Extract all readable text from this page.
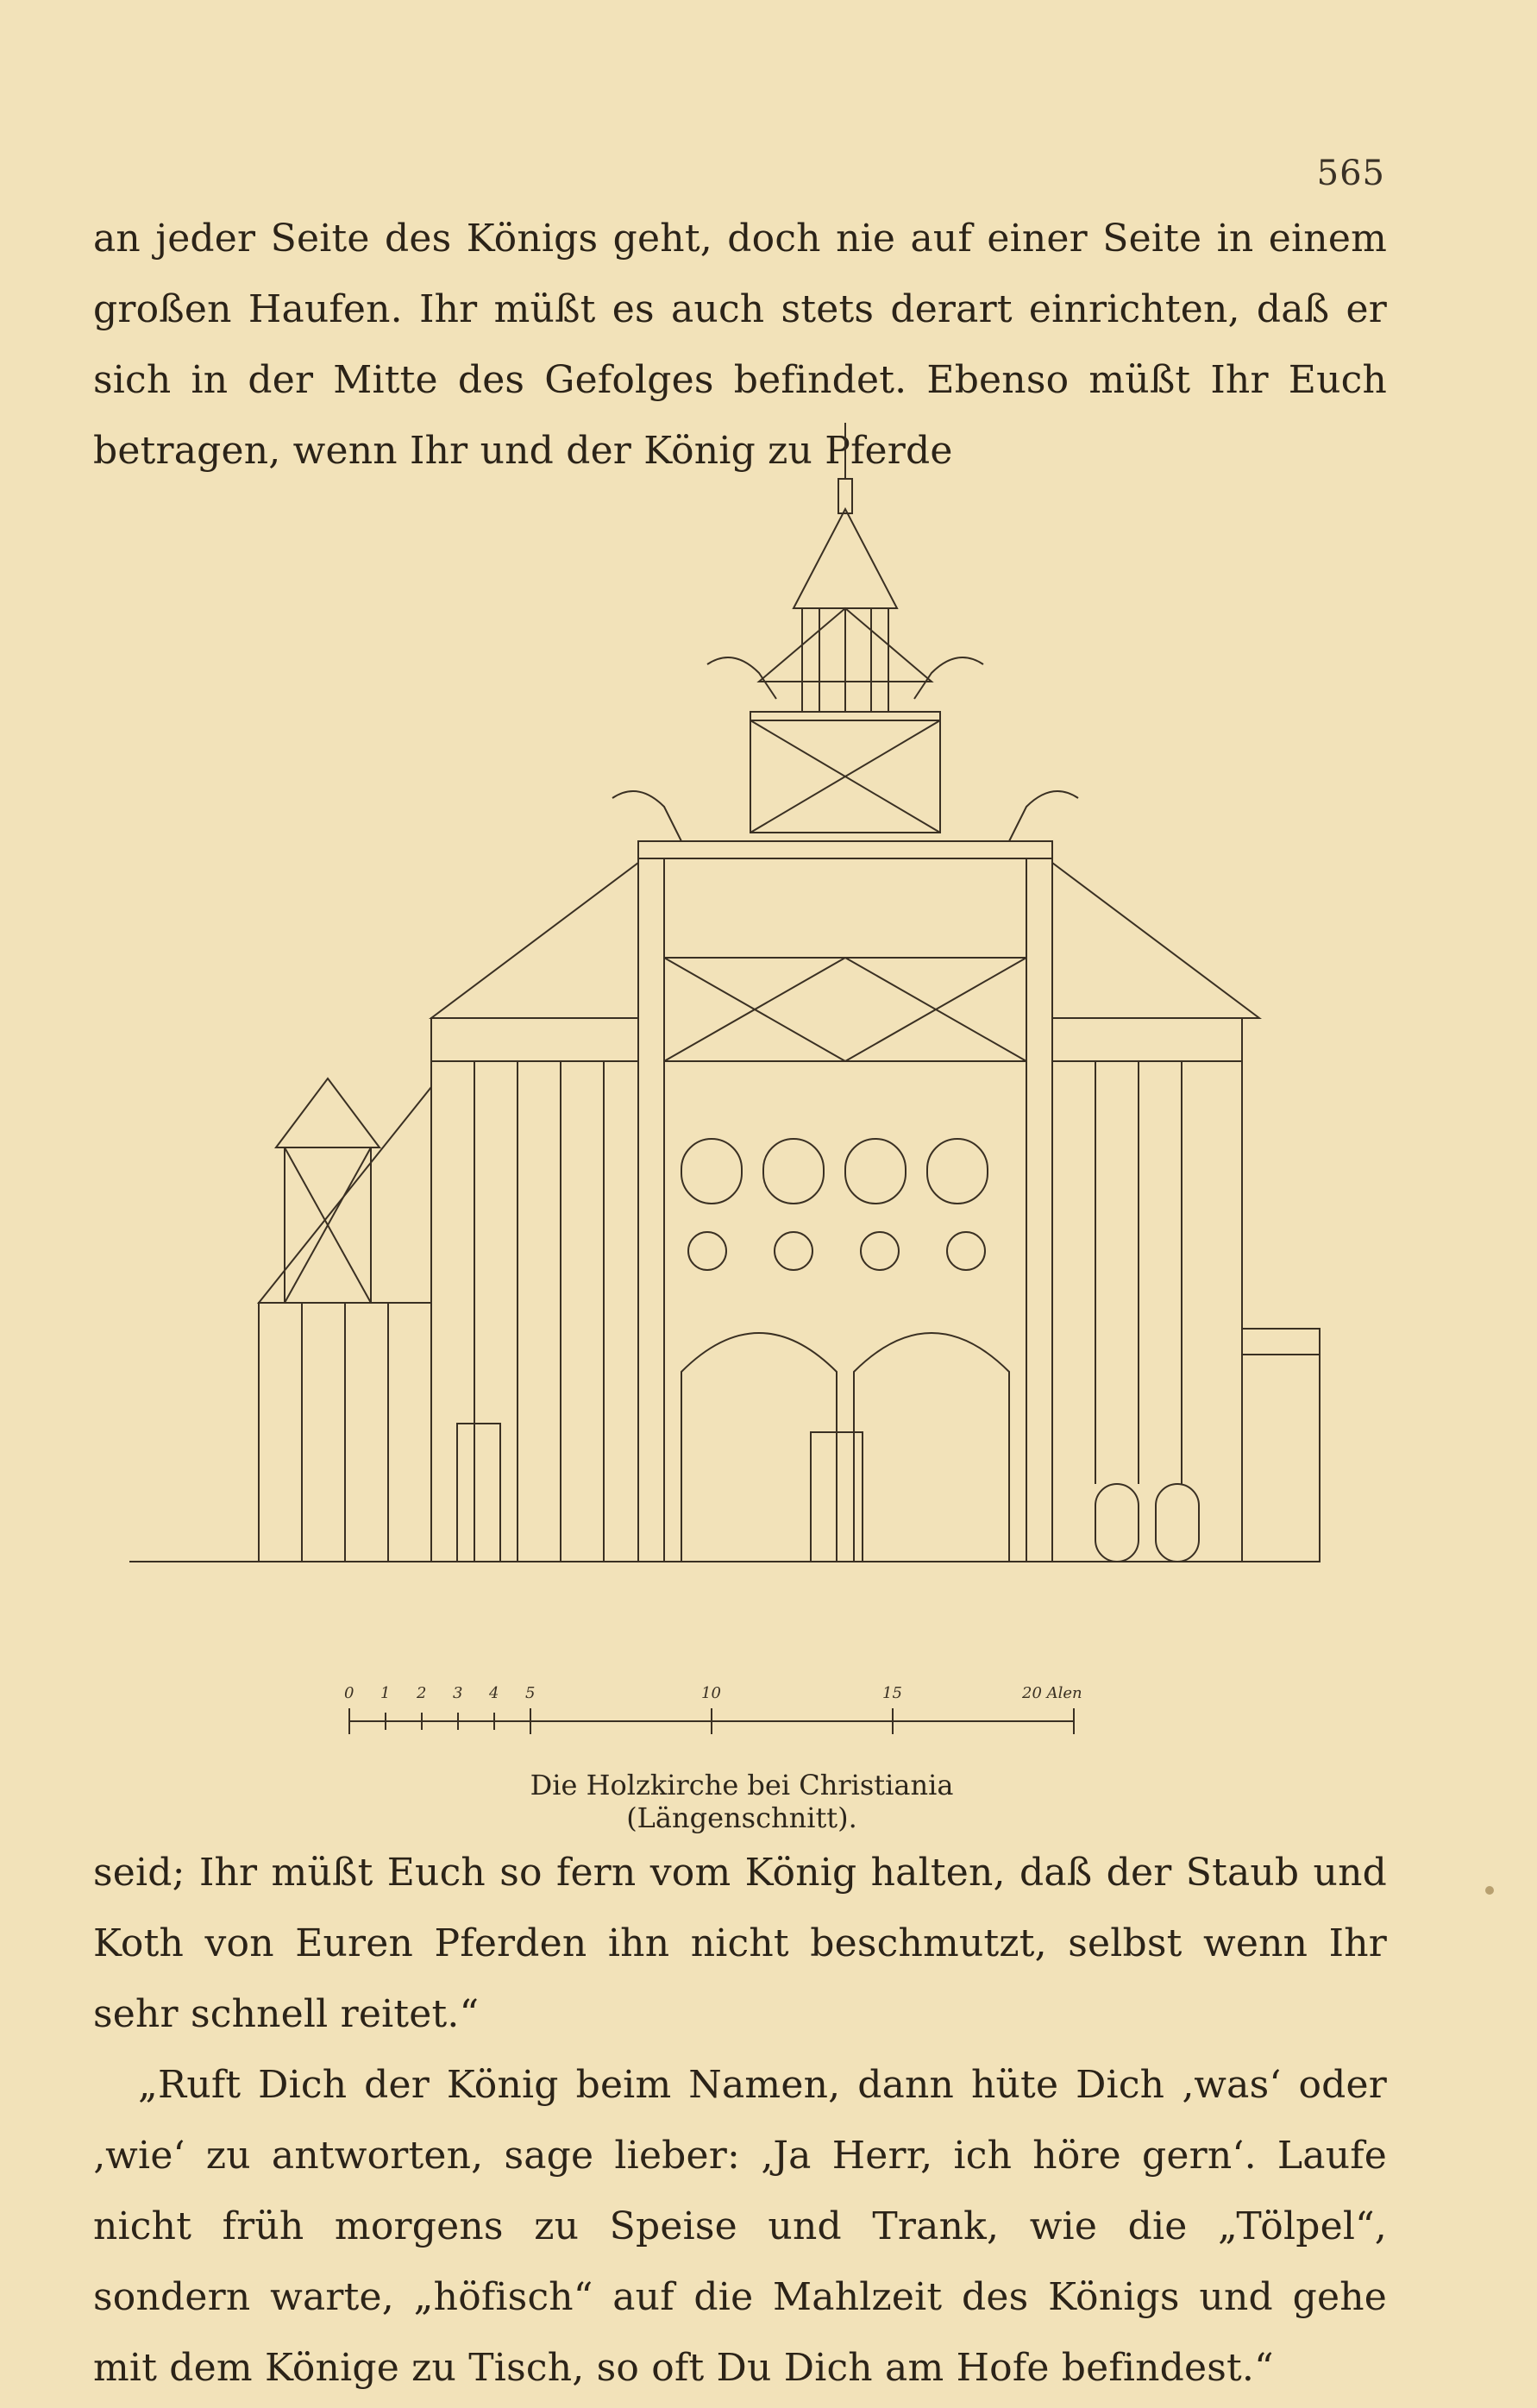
565

an jeder Seite des Königs geht, doch nie auf einer Seite in einem großen Haufen. Ihr müßt es auch stets derart einrichten, daß er sich in der Mitte des Gefolges befindet. Ebenso müßt Ihr Euch betragen, wenn Ihr und der König zu Pferde

0 1 2 3 4 5	10	15	20 Alen
Die Holzkirche bei Christiania (Längenschnitt).

seid; Ihr müßt Euch so fern vom König halten, daß der Staub und Koth von Euren Pferden ihn nicht beschmutzt, selbst wenn Ihr sehr schnell reitet.“

„Ruft Dich der König beim Namen, dann hüte Dich ‚was‘ oder ‚wie‘ zu antworten, sage lieber: ‚Ja Herr, ich höre gern‘. Laufe nicht früh morgens zu Speise und Trank, wie die „Tölpel“, sondern warte, „höfisch“ auf die Mahlzeit des Königs und gehe mit dem Könige zu Tisch, so oft Du Dich am Hofe befindest.“
